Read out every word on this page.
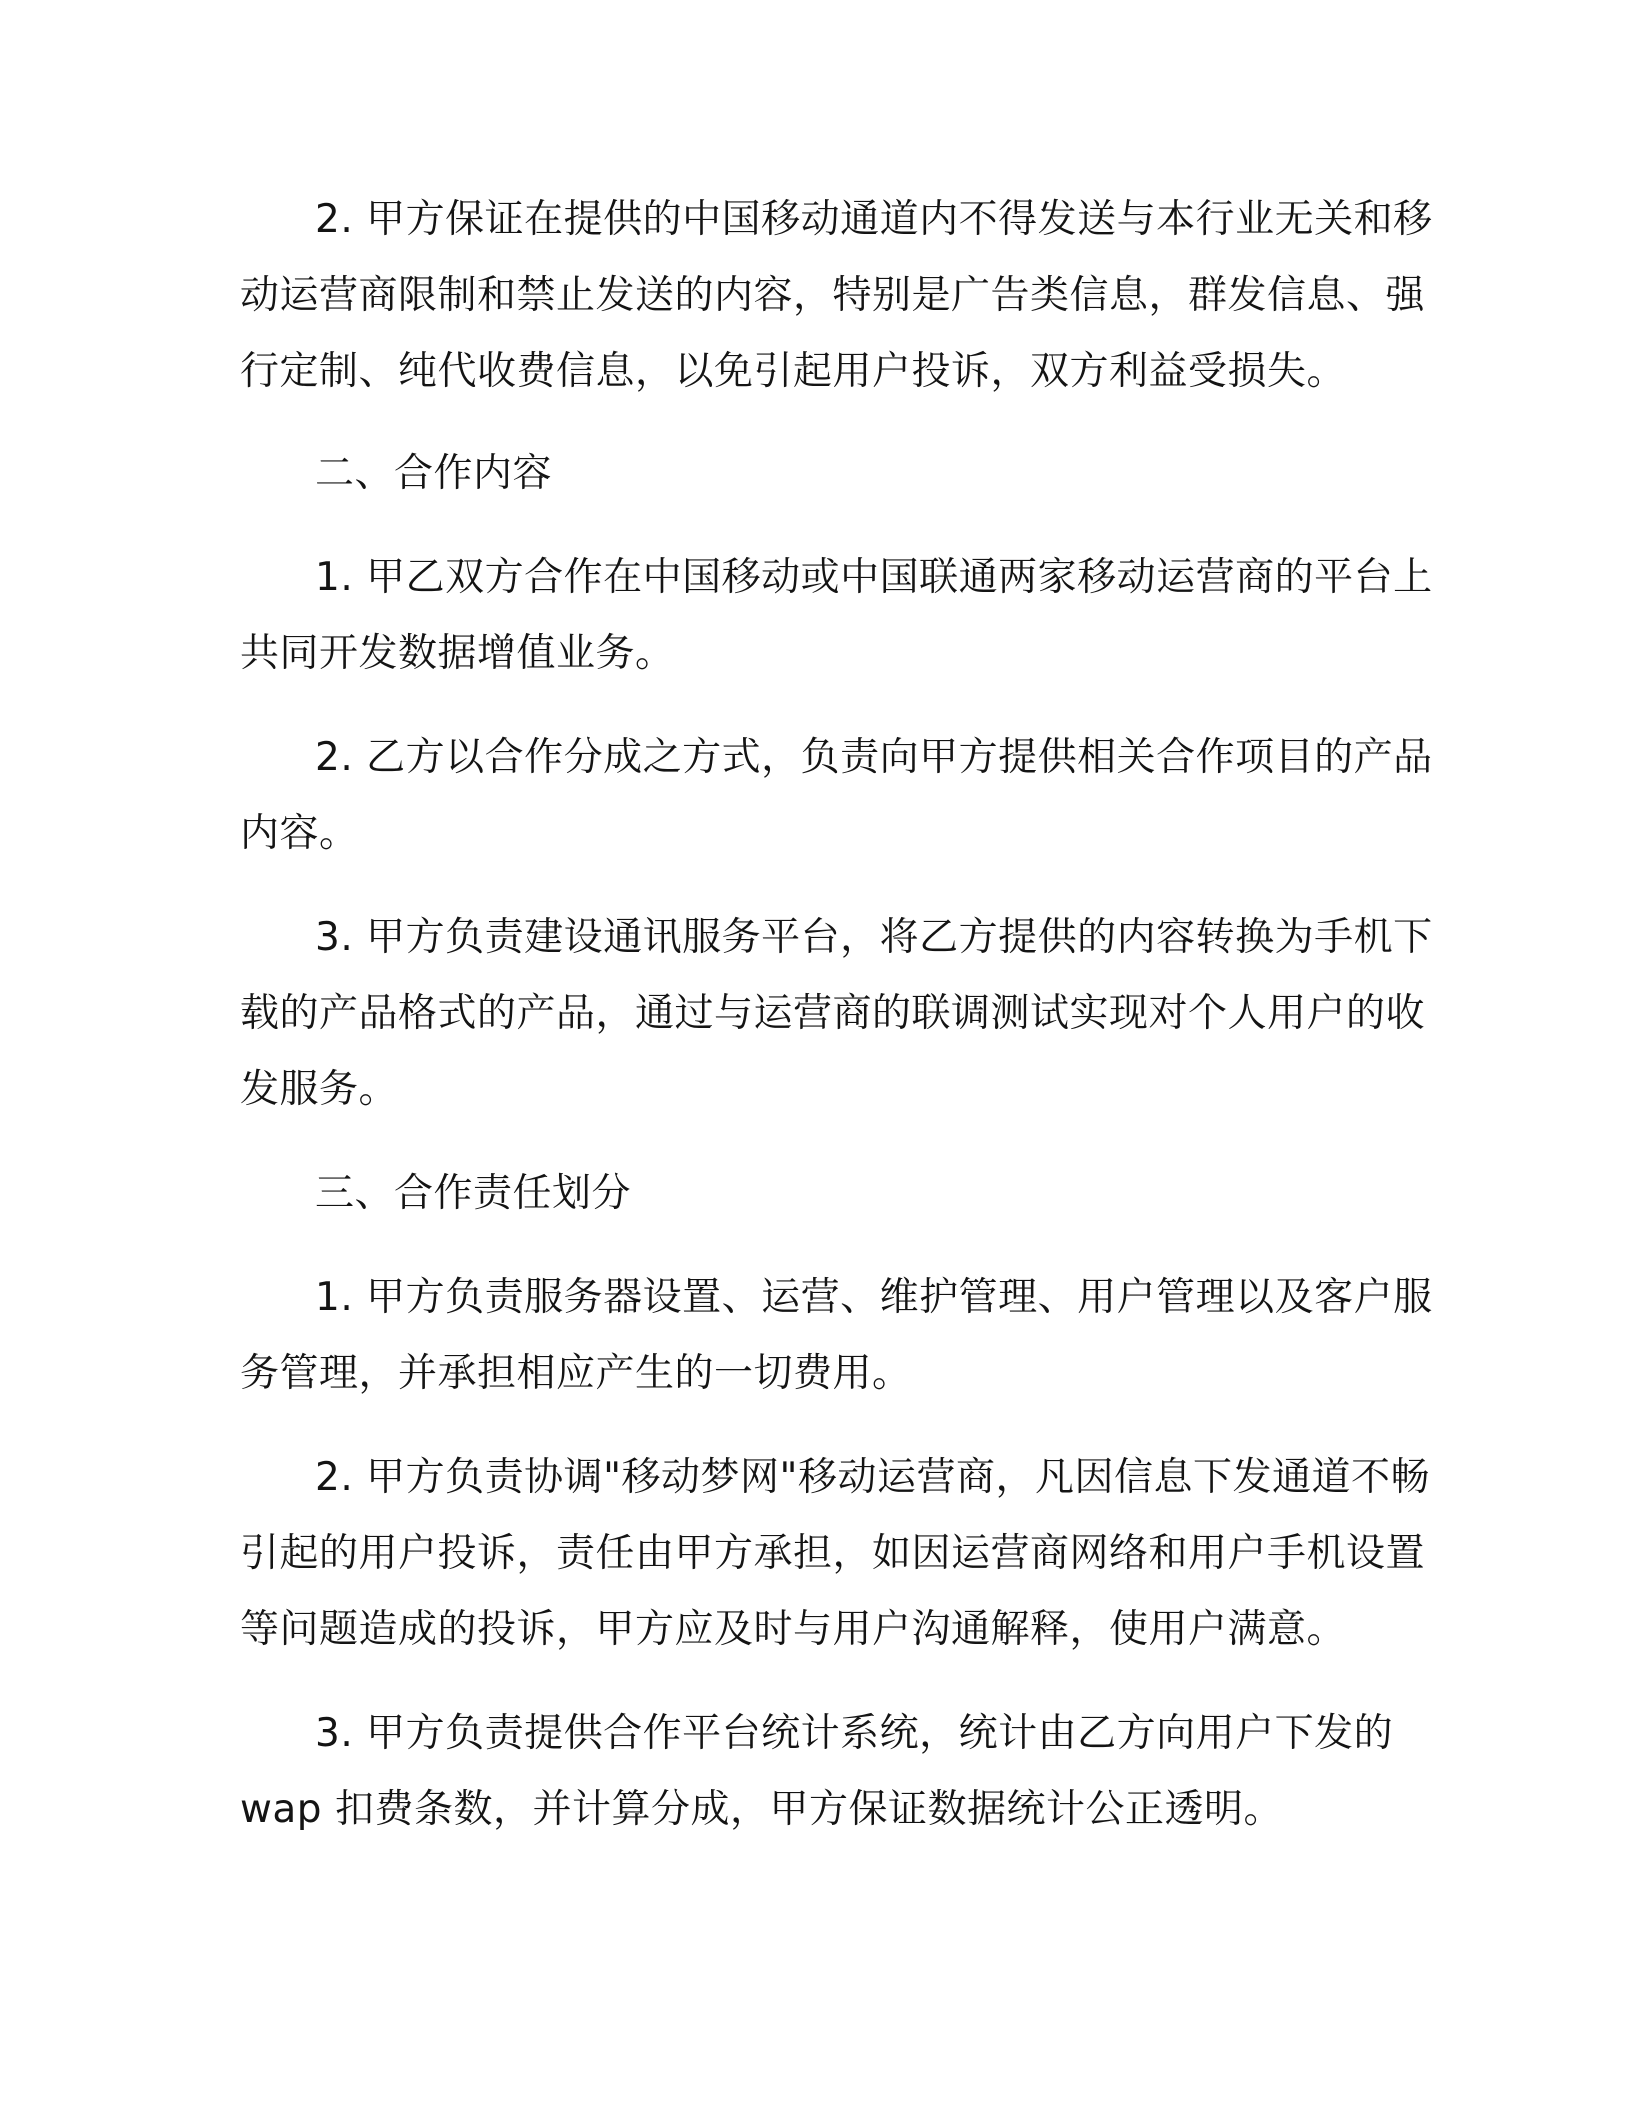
2. 甲方保证在提供的中国移动通道内不得发送与本行业无关和移
动运营商限制和禁止发送的内容，特别是广告类信息，群发信息、强
行定制、纯代收费信息，以免引起用户投诉，双方利益受损失。
二、合作内容
1. 甲乙双方合作在中国移动或中国联通两家移动运营商的平台上
共同开发数据增值业务。
2. 乙方以合作分成之方式，负责向甲方提供相关合作项目的产品
内容。
3. 甲方负责建设通讯服务平台，将乙方提供的内容转换为手机下
载的产品格式的产品，通过与运营商的联调测试实现对个人用户的收
发服务。
三、合作责任划分
1. 甲方负责服务器设置、运营、维护管理、用户管理以及客户服
务管理，并承担相应产生的一切费用。
2. 甲方负责协调"移动梦网"移动运营商，凡因信息下发通道不畅
引起的用户投诉，责任由甲方承担，如因运营商网络和用户手机设置
等问题造成的投诉，甲方应及时与用户沟通解释，使用户满意。
3. 甲方负责提供合作平台统计系统，统计由乙方向用户下发的
wap 扣费条数，并计算分成，甲方保证数据统计公正透明。
